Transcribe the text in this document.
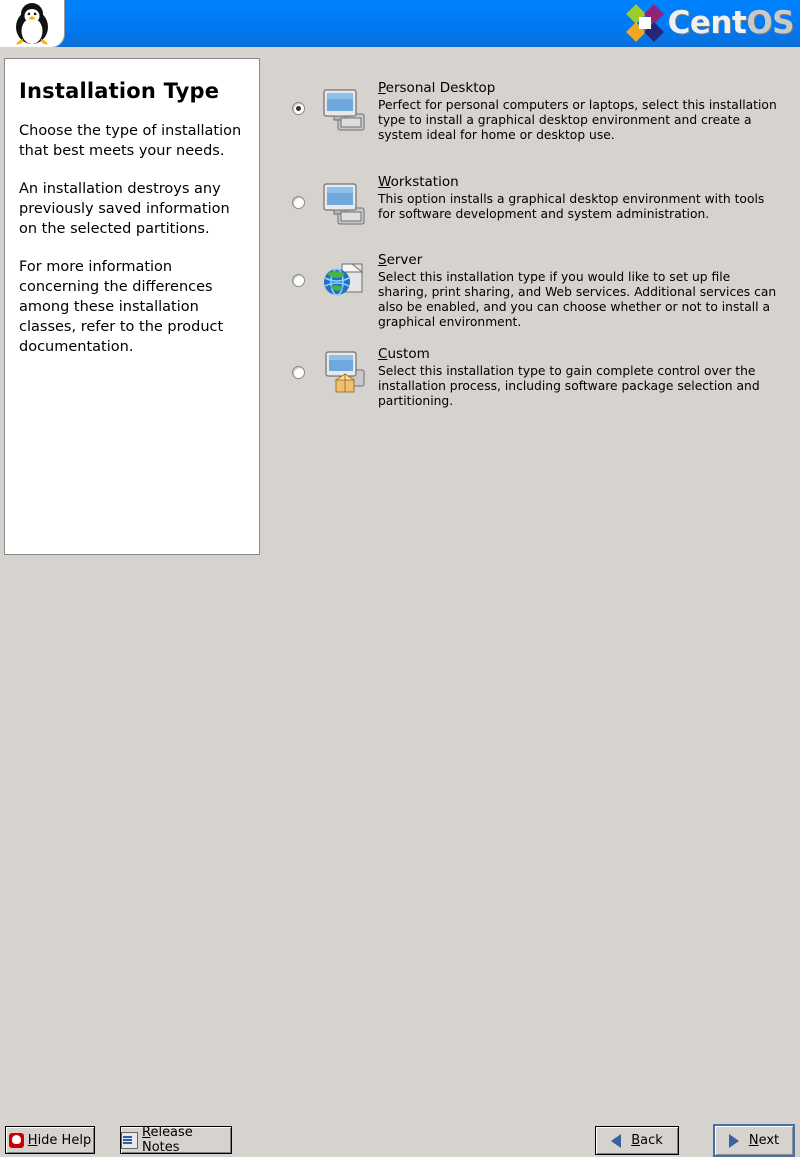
CentOS
Installation Type

Choose the type of installation that best meets your needs.

An installation destroys any previously saved information on the selected partitions.

For more information concerning the differences among these installation classes, refer to the product documentation.

Personal Desktop
Perfect for personal computers or laptops, select this installation type to install a graphical desktop environment and create a system ideal for home or desktop use.
Workstation
This option installs a graphical desktop environment with tools for software development and system administration.
Server
Select this installation type if you would like to set up file sharing, print sharing, and Web services. Additional services can also be enabled, and you can choose whether or not to install a graphical environment.
Custom
Select this installation type to gain complete control over the installation process, including software package selection and partitioning.
Hide Help	Release Notes	Back	Next
